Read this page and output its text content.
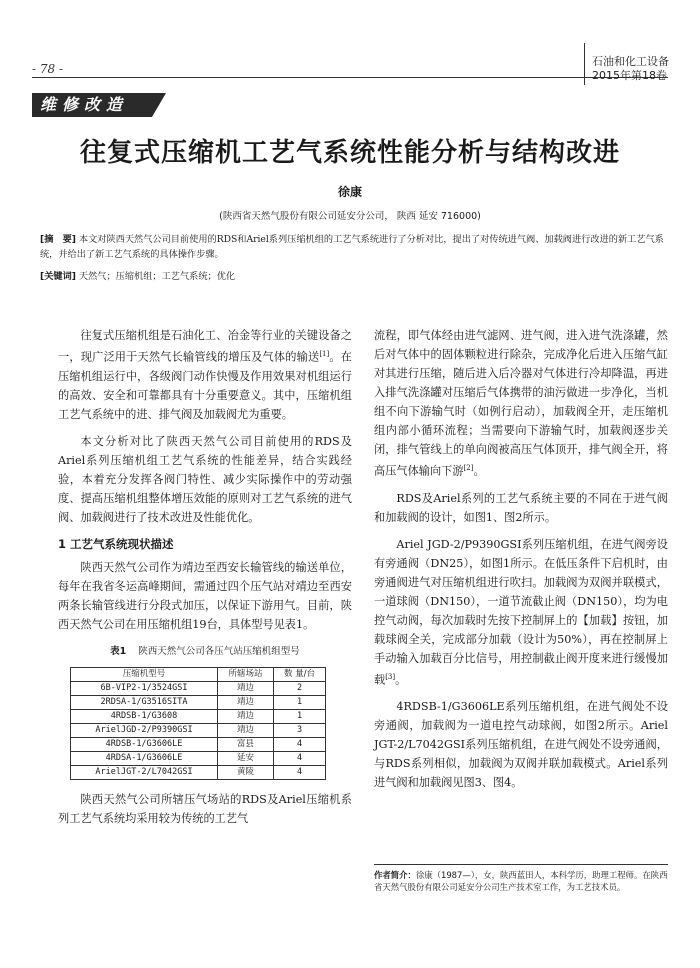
- 78 -
石油和化工设备
2015年第18卷
维修改造
往复式压缩机工艺气系统性能分析与结构改进
徐康
(陕西省天然气股份有限公司延安分公司， 陕西 延安 716000)
[摘　要] 本文对陕西天然气公司目前使用的RDS和Ariel系列压缩机组的工艺气系统进行了分析对比，提出了对传统进气阀、加载阀进行改进的新工艺气系统，并给出了新工艺气系统的具体操作步骤。
[关键词] 天然气；压缩机组；工艺气系统；优化

往复式压缩机组是石油化工、冶金等行业的关键设备之一，现广泛用于天然气长输管线的增压及气体的输送[1]。在压缩机组运行中，各级阀门动作快慢及作用效果对机组运行的高效、安全和可靠都具有十分重要意义。其中，压缩机组工艺气系统中的进、排气阀及加载阀尤为重要。

本文分析对比了陕西天然气公司目前使用的RDS及Ariel系列压缩机组工艺气系统的性能差异，结合实践经验，本着充分发挥各阀门特性、减少实际操作中的劳动强度、提高压缩机组整体增压效能的原则对工艺气系统的进气阀、加载阀进行了技术改进及性能优化。

1 工艺气系统现状描述

陕西天然气公司作为靖边至西安长输管线的输送单位，每年在我省冬运高峰期间，需通过四个压气站对靖边至西安两条长输管线进行分段式加压，以保证下游用气。目前，陕西天然气公司在用压缩机组19台，具体型号见表1。

表1 陕西天然气公司各压气站压缩机组型号
压缩机型号	所辖场站	数 量/台
6B-VIP2-1/3524GSI	靖边	2
2RDSA-1/G3516SITA	靖边	1
4RDSB-1/G3608	靖边	1
ArielJGD-2/P9390GSI	靖边	3
4RDSB-1/G3606LE	富县	4
4RDSA-1/G3606LE	延安	4
ArielJGT-2/L7042GSI	黄陵	4

陕西天然气公司所辖压气场站的RDS及Ariel压缩机系列工艺气系统均采用较为传统的工艺气

流程，即气体经由进气滤网、进气阀，进入进气洗涤罐，然后对气体中的固体颗粒进行除杂，完成净化后进入压缩气缸对其进行压缩，随后进入后冷器对气体进行冷却降温，再进入排气洗涤罐对压缩后气体携带的油污做进一步净化，当机组不向下游输气时（如例行启动），加载阀全开，走压缩机组内部小循环流程；当需要向下游输气时，加载阀逐步关闭，排气管线上的单向阀被高压气体顶开，排气阀全开，将高压气体输向下游[2]。

RDS及Ariel系列的工艺气系统主要的不同在于进气阀和加载阀的设计，如图1、图2所示。

Ariel JGD-2/P9390GSI系列压缩机组，在进气阀旁设有旁通阀（DN25），如图1所示。在低压条件下启机时，由旁通阀进气对压缩机组进行吹扫。加载阀为双阀并联模式，一道球阀（DN150），一道节流截止阀（DN150），均为电控气动阀，每次加载时先按下控制屏上的【加载】按钮，加载球阀全关，完成部分加载（设计为50%），再在控制屏上手动输入加载百分比信号，用控制截止阀开度来进行缓慢加载[3]。

4RDSB-1/G3606LE系列压缩机组，在进气阀处不设旁通阀，加载阀为一道电控气动球阀，如图2所示。Ariel JGT-2/L7042GSI系列压缩机组，在进气阀处不设旁通阀，与RDS系列相似，加载阀为双阀并联加载模式。Ariel系列进气阀和加载阀见图3、图4。

作者简介：徐康（1987—），女，陕西蓝田人，本科学历，助理工程师。在陕西省天然气股份有限公司延安分公司生产技术室工作，为工艺技术员。
